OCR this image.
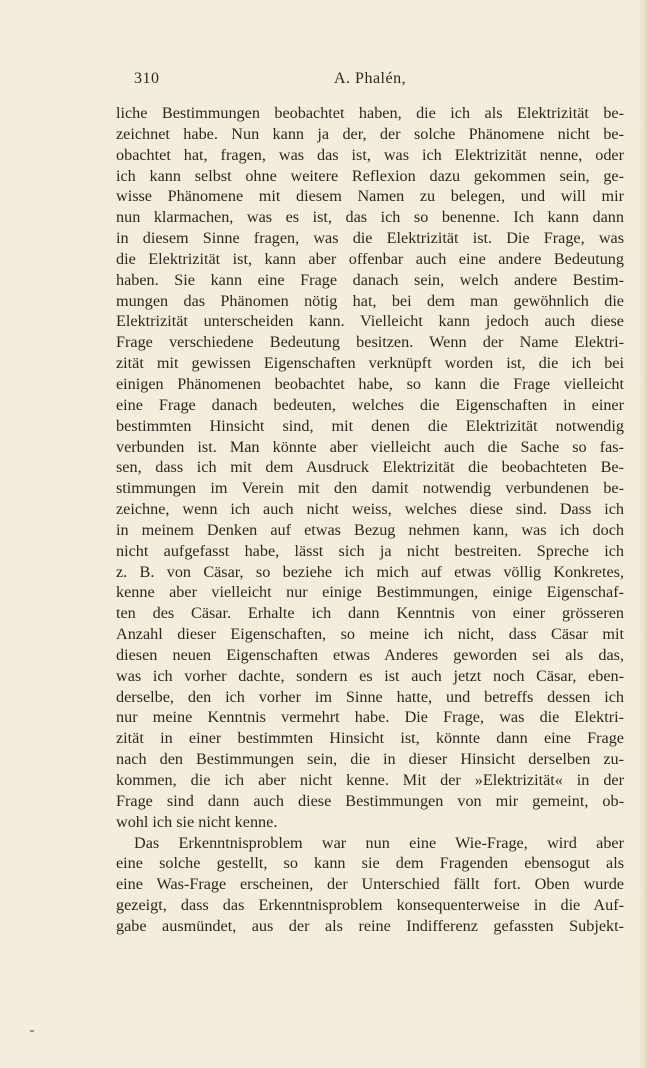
310	A. Phalén,
liche Bestimmungen beobachtet haben, die ich als Elektrizität be-
zeichnet habe. Nun kann ja der, der solche Phänomene nicht be-
obachtet hat, fragen, was das ist, was ich Elektrizität nenne, oder
ich kann selbst ohne weitere Reflexion dazu gekommen sein, ge-
wisse Phänomene mit diesem Namen zu belegen, und will mir
nun klarmachen, was es ist, das ich so benenne. Ich kann dann
in diesem Sinne fragen, was die Elektrizität ist. Die Frage, was
die Elektrizität ist, kann aber offenbar auch eine andere Bedeutung
haben. Sie kann eine Frage danach sein, welch andere Bestim-
mungen das Phänomen nötig hat, bei dem man gewöhnlich die
Elektrizität unterscheiden kann. Vielleicht kann jedoch auch diese
Frage verschiedene Bedeutung besitzen. Wenn der Name Elektri-
zität mit gewissen Eigenschaften verknüpft worden ist, die ich bei
einigen Phänomenen beobachtet habe, so kann die Frage vielleicht
eine Frage danach bedeuten, welches die Eigenschaften in einer
bestimmten Hinsicht sind, mit denen die Elektrizität notwendig
verbunden ist. Man könnte aber vielleicht auch die Sache so fas-
sen, dass ich mit dem Ausdruck Elektrizität die beobachteten Be-
stimmungen im Verein mit den damit notwendig verbundenen be-
zeichne, wenn ich auch nicht weiss, welches diese sind. Dass ich
in meinem Denken auf etwas Bezug nehmen kann, was ich doch
nicht aufgefasst habe, lässt sich ja nicht bestreiten. Spreche ich
z. B. von Cäsar, so beziehe ich mich auf etwas völlig Konkretes,
kenne aber vielleicht nur einige Bestimmungen, einige Eigenschaf-
ten des Cäsar. Erhalte ich dann Kenntnis von einer grösseren
Anzahl dieser Eigenschaften, so meine ich nicht, dass Cäsar mit
diesen neuen Eigenschaften etwas Anderes geworden sei als das,
was ich vorher dachte, sondern es ist auch jetzt noch Cäsar, eben-
derselbe, den ich vorher im Sinne hatte, und betreffs dessen ich
nur meine Kenntnis vermehrt habe. Die Frage, was die Elektri-
zität in einer bestimmten Hinsicht ist, könnte dann eine Frage
nach den Bestimmungen sein, die in dieser Hinsicht derselben zu-
kommen, die ich aber nicht kenne. Mit der »Elektrizität« in der
Frage sind dann auch diese Bestimmungen von mir gemeint, ob-
wohl ich sie nicht kenne.
Das Erkenntnisproblem war nun eine Wie-Frage, wird aber
eine solche gestellt, so kann sie dem Fragenden ebensogut als
eine Was-Frage erscheinen, der Unterschied fällt fort. Oben wurde
gezeigt, dass das Erkenntnisproblem konsequenterweise in die Auf-
gabe ausmündet, aus der als reine Indifferenz gefassten Subjekt-
